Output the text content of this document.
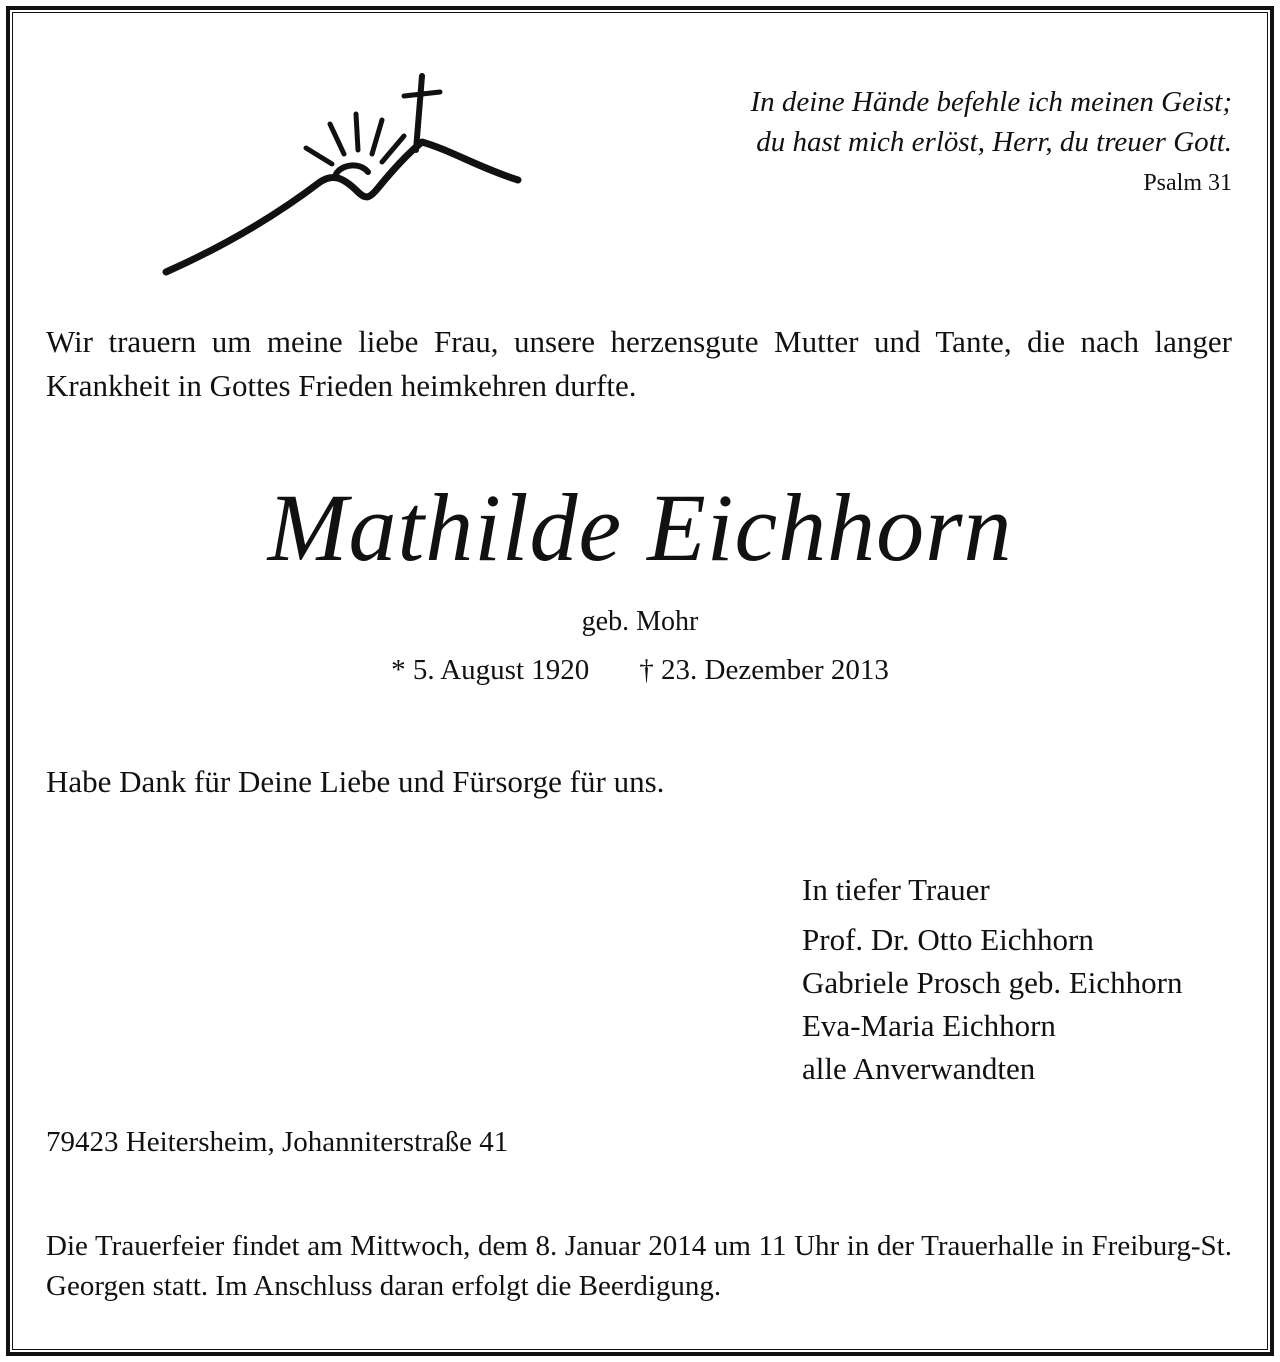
In deine Hände befehle ich meinen Geist;
du hast mich erlöst, Herr, du treuer Gott.
Psalm 31
Wir trauern um meine liebe Frau, unsere herzensgute Mutter und Tante, die nach langer Krankheit in Gottes Frieden heimkehren durfte.
Mathilde Eichhorn
geb. Mohr
* 5. August 1920 † 23. Dezember 2013
Habe Dank für Deine Liebe und Fürsorge für uns.
In tiefer Trauer
Prof. Dr. Otto Eichhorn
Gabriele Prosch geb. Eichhorn
Eva-Maria Eichhorn
alle Anverwandten
79423 Heitersheim, Johanniterstraße 41
Die Trauerfeier findet am Mittwoch, dem 8. Januar 2014 um 11 Uhr in der Trauerhalle in Freiburg-St. Georgen statt. Im Anschluss daran erfolgt die Beerdigung.
